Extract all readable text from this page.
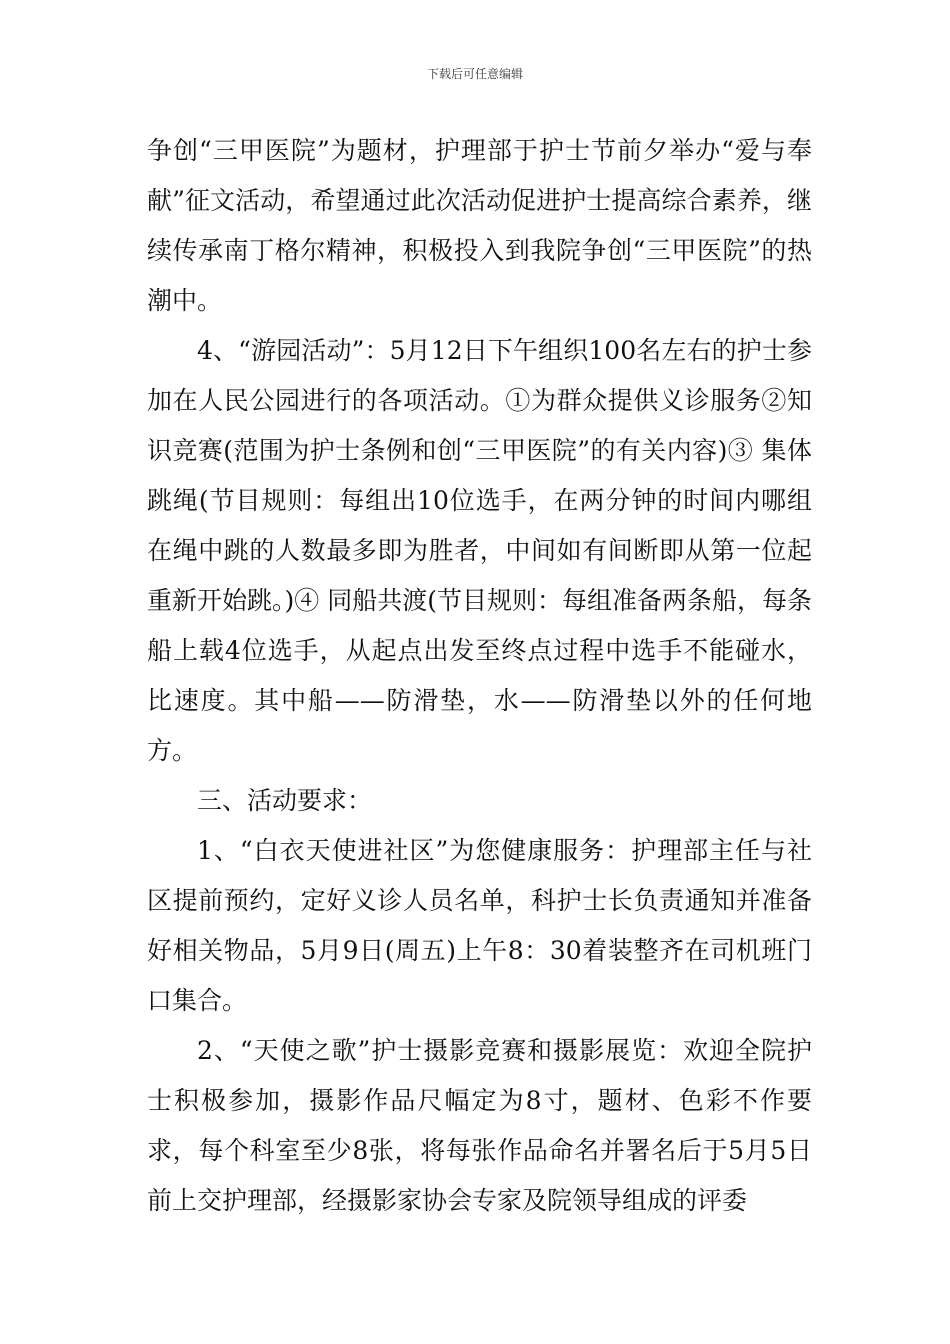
下载后可任意编辑

争创“三甲医院”为题材，护理部于护士节前夕举办“爱与奉献”征文活动，希望通过此次活动促进护士提高综合素养，继续传承南丁格尔精神，积极投入到我院争创“三甲医院”的热潮中。

4、“游园活动”：5月12日下午组织100名左右的护士参加在人民公园进行的各项活动。①为群众提供义诊服务②知识竞赛(范围为护士条例和创“三甲医院”的有关内容)③ 集体跳绳(节目规则：每组出10位选手，在两分钟的时间内哪组在绳中跳的人数最多即为胜者，中间如有间断即从第一位起重新开始跳。)④ 同船共渡(节目规则：每组准备两条船，每条船上载4位选手，从起点出发至终点过程中选手不能碰水，比速度。其中船——防滑垫，水——防滑垫以外的任何地方。

三、活动要求：

1、“白衣天使进社区”为您健康服务：护理部主任与社区提前预约，定好义诊人员名单，科护士长负责通知并准备好相关物品，5月9日(周五)上午8：30着装整齐在司机班门口集合。

2、“天使之歌”护士摄影竞赛和摄影展览：欢迎全院护士积极参加，摄影作品尺幅定为8寸，题材、色彩不作要求，每个科室至少8张，将每张作品命名并署名后于5月5日前上交护理部，经摄影家协会专家及院领导组成的评委
